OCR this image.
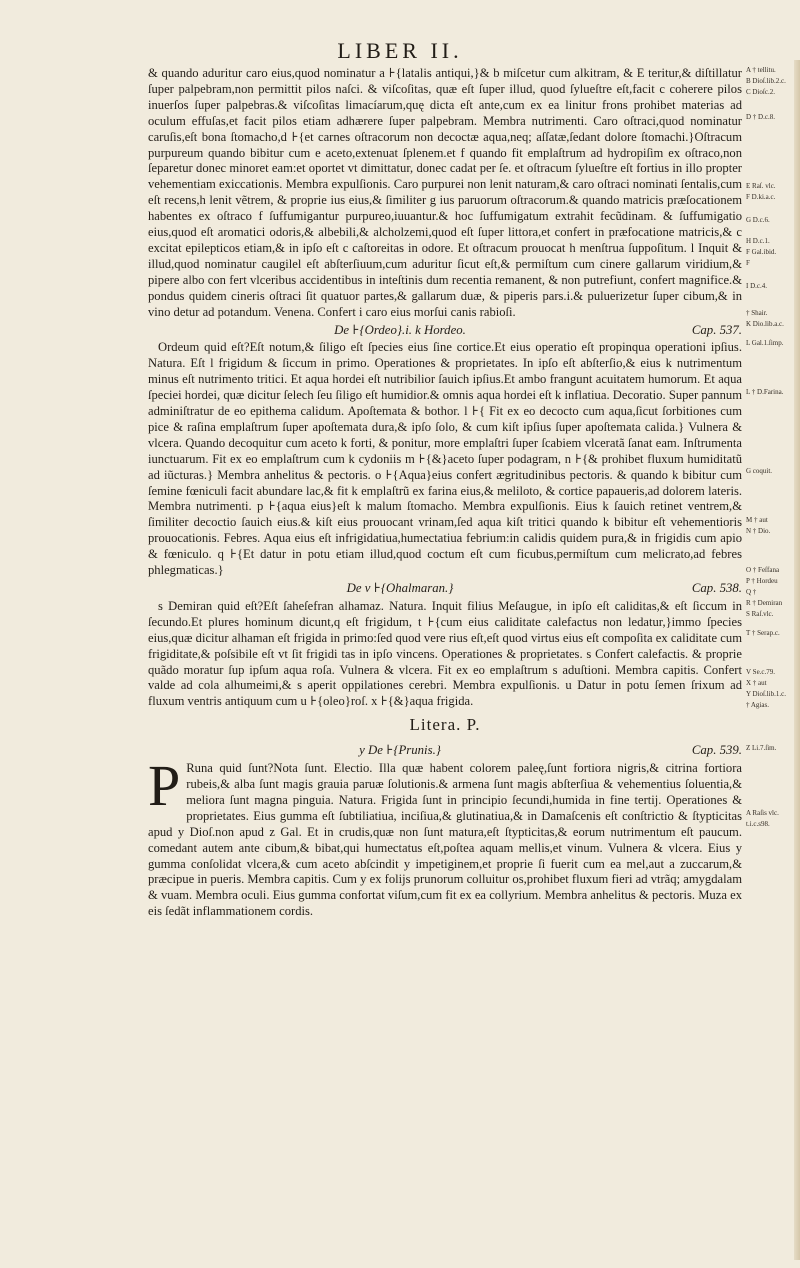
LIBER II.

& quando aduritur caro eius,quod nominatur a ⊦{latalis antiqui,}& b miſcetur cum alkitram, & E teritur,& diſtillatur ſuper palpebram,non permittit pilos naſci. & viſcoſitas, quæ eſt ſuper illud, quod ſylueſtre eſt,facit c coherere pilos inuerſos ſuper palpebras.& viſcoſitas limacíarum,quę dicta eſt ante,cum ex ea linitur frons prohibet materias ad oculum effuſas,et facit pilos etiam adhærere ſuper palpebram. Membra nutrimenti. Caro oſtraci,quod nominatur caruſis,eſt bona ſtomacho,d ⊦{et carnes oſtracorum non decoctæ aqua,neq; aſſatæ,ſedant dolore ſtomachi.}Oſtracum purpureum quando bibitur cum e aceto,extenuat ſplenem.et f quando fit emplaſtrum ad hydropiſim ex oſtraco,non ſeparetur donec minoret eam:et oportet vt dimittatur, donec cadat per ſe. et oſtracum ſylueſtre eſt fortius in illo propter vehementiam exiccationis. Membra expulſionis. Caro purpurei non lenit naturam,& caro oſtraci nominati ſentalis,cum eſt recens,h lenit vẽtrem, & proprie ius eius,& ſimiliter g ius paruorum oſtracorum.& quando matricis præſocationem habentes ex oſtraco f ſuffumigantur purpureo,iuuantur.& hoc ſuffumigatum extrahit fecũdinam. & ſuffumigatio eius,quod eſt aromatici odoris,& albebili,& alcholzemi,quod eſt ſuper littora,et confert in præfocatione matricis,& c excitat epilepticos etiam,& in ipſo eſt c caſtoreitas in odore. Et oſtracum prouocat h menſtrua ſuppoſitum. l Inquit & illud,quod nominatur caugilel eſt abſterſiuum,cum aduritur ſicut eſt,& permiſtum cum cinere gallarum viridium,& pipere albo con fert vlceribus accidentibus in inteſtinis dum recentia remanent, & non putrefiunt, confert magnifice.& pondus quidem cineris oſtraci ſit quatuor partes,& gallarum duæ, & piperis pars.i.& puluerizetur ſuper cibum,& in vino detur ad potandum. Venena. Confert i caro eius morſui canis rabioſi.

De ⊦{Ordeo}.i. k Hordeo.	Cap. 537.

Ordeum quid eſt?Eſt notum,& ſiligo eſt ſpecies eius ſine cortice.Et eius operatio eſt propinqua operationi ipſius. Natura. Eſt l frigidum & ſiccum in primo. Operationes & proprietates. In ipſo eſt abſterſio,& eius k nutrimentum minus eſt nutrimento tritici. Et aqua hordei eſt nutribilior ſauich ipſius.Et ambo frangunt acuitatem humorum. Et aqua ſpeciei hordei, quæ dicitur ſelech ſeu ſiligo eſt humidior.& omnis aqua hordei eſt k inflatiua. Decoratio. Super pannum adminiſtratur de eo epithema calidum. Apoſtemata & bothor. l ⊦{ Fit ex eo decocto cum aqua,ſicut ſorbitiones cum pice & raſina emplaſtrum ſuper apoſtemata dura,& ipſo ſolo, & cum kiſt ipſius ſuper apoſtemata calida.} Vulnera & vlcera. Quando decoquitur cum aceto k forti, & ponitur, more emplaſtri ſuper ſcabiem vlceratã ſanat eam. Inſtrumenta iunctuarum. Fit ex eo emplaſtrum cum k cydoniis m ⊦{&}aceto ſuper podagram, n ⊦{& prohibet fluxum humiditatũ ad iũcturas.} Membra anhelitus & pectoris. o ⊦{Aqua}eius confert ægritudinibus pectoris. & quando k bibitur cum ſemine fœniculi facit abundare lac,& fit k emplaſtrũ ex farina eius,& meliloto, & cortice papaueris,ad dolorem lateris. Membra nutrimenti. p ⊦{aqua eius}eſt k malum ſtomacho. Membra expulſionis. Eius k ſauich retinet ventrem,& ſimiliter decoctio ſauich eius.& kiſt eius prouocant vrinam,ſed aqua kiſt tritici quando k bibitur eſt vehementioris prouocationis. Febres. Aqua eius eſt infrigidatiua,humectatiua febrium:in calidis quidem pura,& in frigidis cum apio & fœniculo. q ⊦{Et datur in potu etiam illud,quod coctum eſt cum ficubus,permiſtum cum melicrato,ad febres phlegmaticas.}

De v ⊦{Ohalmaran.}	Cap. 538.

s Demiran quid eſt?Eſt ſaheſefran alhamaz. Natura. Inquit filius Meſaugue, in ipſo eſt caliditas,& eſt ſiccum in ſecundo.Et plures hominum dicunt,q eſt frigidum, t ⊦{cum eius caliditate calefactus non ledatur,}immo ſpecies eius,quæ dicitur alhaman eſt frigida in primo:ſed quod vere rius eſt,eſt quod virtus eius eſt compoſita ex caliditate cum frigiditate,& poſsibile eſt vt ſit frigidi tas in ipſo vincens. Operationes & proprietates. s Confert calefactis. & proprie quãdo moratur ſup ipſum aqua roſa. Vulnera & vlcera. Fit ex eo emplaſtrum s aduſtioni. Membra capitis. Confert valde ad cola alhumeimi,& s aperit oppilationes cerebri. Membra expulſionis. u Datur in potu ſemen ſrixum ad fluxum ventris antiquum cum u ⊦{oleo}roſ. x ⊦{&}aqua frigida.

Litera. P.
y De ⊦{Prunis.}	Cap. 539.
P Runa quid ſunt?Nota ſunt. Electio. Illa quæ habent colorem paleę,ſunt fortiora nigris,& citrina fortiora rubeis,& alba ſunt magis grauia paruæ ſolutionis.& armena ſunt magis abſterſiua & vehementius ſoluentia,& meliora ſunt magna pinguia. Natura. Frigida ſunt in principio ſecundi,humida in fine tertij. Operationes & proprietates. Eius gumma eſt ſubtiliatiua, inciſiua,& glutinatiua,& in Damaſcenis eſt conſtrictio & ſtypticitas apud y Dioſ.non apud z Gal. Et in crudis,quæ non ſunt matura,eſt ſtypticitas,& eorum nutrimentum eſt paucum. comedant autem ante cibum,& bibat,qui humectatus eſt,poſtea aquam mellis,et vinum. Vulnera & vlcera. Eius y gumma conſolidat vlcera,& cum aceto abſcindit y impetiginem,et proprie ſi fuerit cum ea mel,aut a zuccarum,& præcipue in pueris. Membra capitis. Cum y ex folijs prunorum colluitur os,prohibet fluxum fieri ad vtrãq; amygdalam & vuam. Membra oculi. Eius gumma confortat viſum,cum fit ex ea collyrium. Membra anhelitus & pectoris. Muza ex eis ſedãt inflammationem cordis.

A † tellitu.
B Dioſ.lib.2.c.
C Dioſc.2.
D † D.c.8.
E Raſ. vlc.
F D.ki.a.c.
G D.c.6.
H D.c.1.
F Gal.ibid.
F
I D.c.4.
† Shair.
K Dio.lib.a.c.
L Gal.1.ſimp.
L † D.Farina.
G coquit.
M † aut
N † Dio.
O † Feſfana
P † Hordeu
Q †
R † Demiran
S Raſ.vlc.
T † Serap.c.
V Se.c.79.
X † aut
Y Dioſ.lib.1.c.
† Agias.
Z Li.7.ſim.
A Raſis vlc.
t.i.c.s98.
